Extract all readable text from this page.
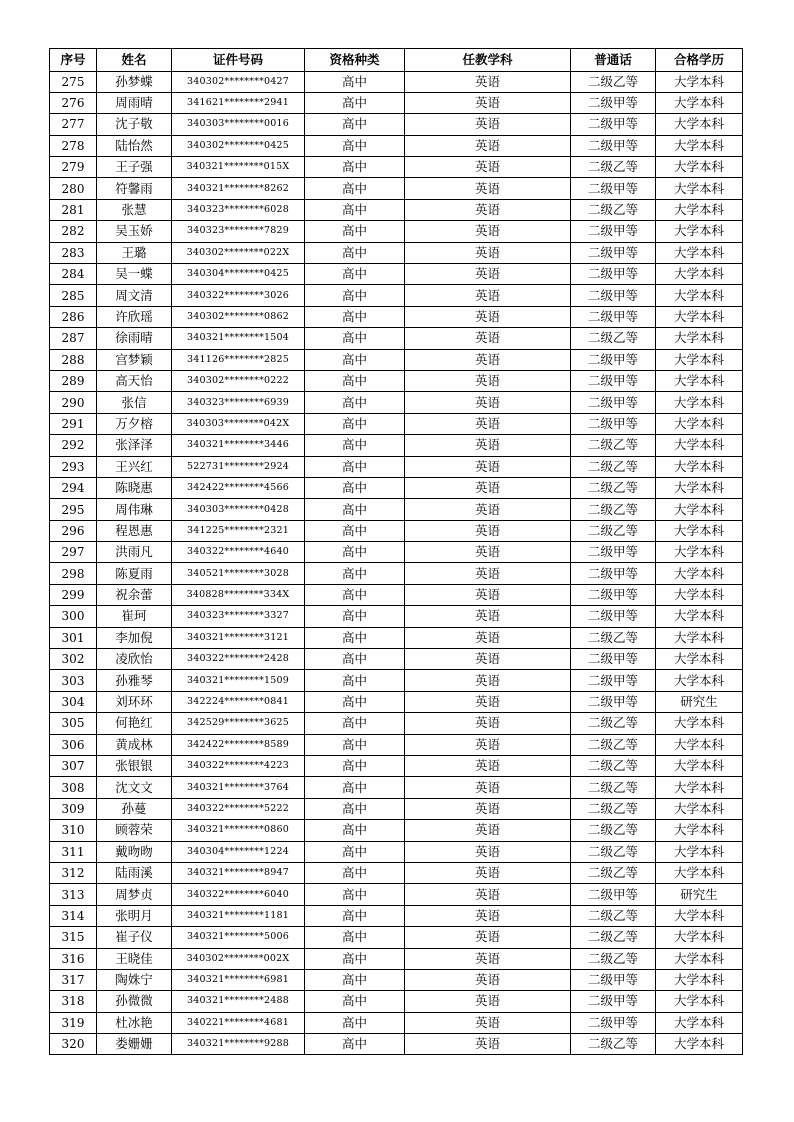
序号	姓名	证件号码	资格种类	任教学科	普通话	合格学历
275	孙梦蝶	340302********0427	高中	英语	二级乙等	大学本科
276	周雨晴	341621********2941	高中	英语	二级甲等	大学本科
277	沈子敬	340303********0016	高中	英语	二级甲等	大学本科
278	陆怡然	340302********0425	高中	英语	二级甲等	大学本科
279	王子强	340321********015X	高中	英语	二级乙等	大学本科
280	符馨雨	340321********8262	高中	英语	二级甲等	大学本科
281	张慧	340323********6028	高中	英语	二级乙等	大学本科
282	吴玉娇	340323********7829	高中	英语	二级甲等	大学本科
283	王璐	340302********022X	高中	英语	二级甲等	大学本科
284	吴一蝶	340304********0425	高中	英语	二级甲等	大学本科
285	周文清	340322********3026	高中	英语	二级甲等	大学本科
286	许欣瑶	340302********0862	高中	英语	二级甲等	大学本科
287	徐雨晴	340321********1504	高中	英语	二级乙等	大学本科
288	宫梦颖	341126********2825	高中	英语	二级甲等	大学本科
289	高天怡	340302********0222	高中	英语	二级甲等	大学本科
290	张信	340323********6939	高中	英语	二级甲等	大学本科
291	万夕榕	340303********042X	高中	英语	二级甲等	大学本科
292	张泽泽	340321********3446	高中	英语	二级乙等	大学本科
293	王兴红	522731********2924	高中	英语	二级乙等	大学本科
294	陈晓惠	342422********4566	高中	英语	二级乙等	大学本科
295	周伟琳	340303********0428	高中	英语	二级乙等	大学本科
296	程恩惠	341225********2321	高中	英语	二级乙等	大学本科
297	洪雨凡	340322********4640	高中	英语	二级甲等	大学本科
298	陈夏雨	340521********3028	高中	英语	二级甲等	大学本科
299	祝余蕾	340828********334X	高中	英语	二级甲等	大学本科
300	崔珂	340323********3327	高中	英语	二级甲等	大学本科
301	李加倪	340321********3121	高中	英语	二级乙等	大学本科
302	凌欣怡	340322********2428	高中	英语	二级甲等	大学本科
303	孙雅琴	340321********1509	高中	英语	二级甲等	大学本科
304	刘环环	342224********0841	高中	英语	二级甲等	研究生
305	何艳红	342529********3625	高中	英语	二级乙等	大学本科
306	黄成林	342422********8589	高中	英语	二级乙等	大学本科
307	张银银	340322********4223	高中	英语	二级乙等	大学本科
308	沈文文	340321********3764	高中	英语	二级乙等	大学本科
309	孙蔓	340322********5222	高中	英语	二级乙等	大学本科
310	顾蓉荣	340321********0860	高中	英语	二级乙等	大学本科
311	戴昒昒	340304********1224	高中	英语	二级乙等	大学本科
312	陆雨溪	340321********8947	高中	英语	二级乙等	大学本科
313	周梦贞	340322********6040	高中	英语	二级甲等	研究生
314	张明月	340321********1181	高中	英语	二级乙等	大学本科
315	崔子仪	340321********5006	高中	英语	二级乙等	大学本科
316	王晓佳	340302********002X	高中	英语	二级乙等	大学本科
317	陶姝宁	340321********6981	高中	英语	二级甲等	大学本科
318	孙微微	340321********2488	高中	英语	二级甲等	大学本科
319	杜冰艳	340221********4681	高中	英语	二级甲等	大学本科
320	娄姗姗	340321********9288	高中	英语	二级乙等	大学本科
